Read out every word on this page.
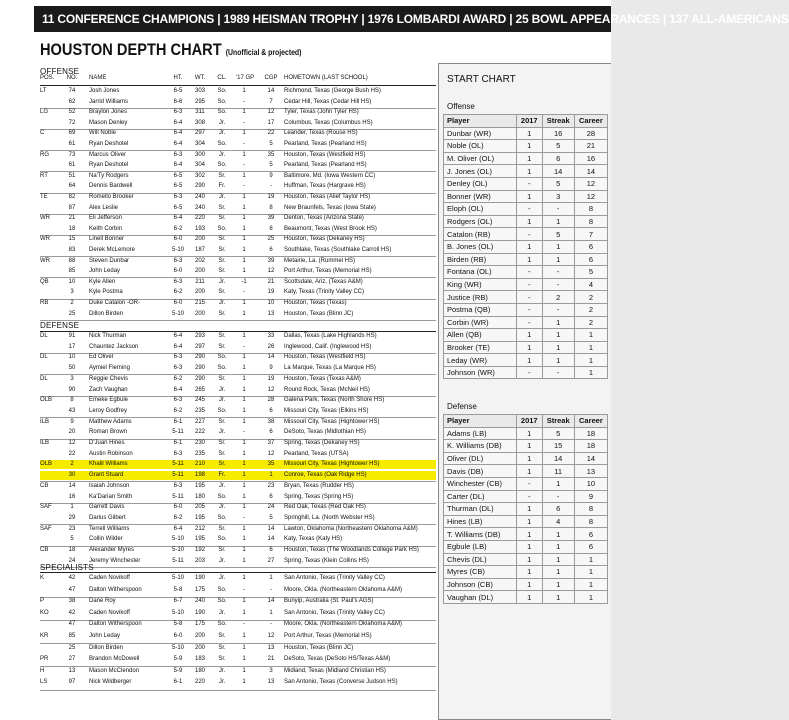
11 CONFERENCE CHAMPIONS | 1989 HEISMAN TROPHY | 1976 LOMBARDI AWARD | 25 BOWL APPEARANCES | 137 ALL-AMERICANS
HOUSTON DEPTH CHART (Unofficial & projected)
OFFENSE
POS.	NO.	NAME	HT.	WT.	CL.	'17 GP CGP HOMETOWN (LAST SCHOOL)
LT	74	Josh Jones	6-5	303	So.	1	14	Richmond, Texas (George Bush HS)
62	Jarrid Williams	6-6	295	So.	-	7	Cedar Hill, Texas (Cedar Hill HS)
LG	52	Braylon Jones	6-3	311	So.	1	12	Tyler, Texas (John Tyler HS)
72	Mason Denley	6-4	308	Jr.	-	17	Columbus, Texas (Columbus HS)
C	69	Will Noble	6-4	297	Jr.	1	22	Leander, Texas (Rouse HS)
61	Ryan Deshotel	6-4	304	So.	-	5	Pearland, Texas (Pearland HS)
RG	73	Marcus Oliver	6-3	300	Jr.	1	35	Houston, Texas (Westfield HS)
61	Ryan Deshotel	6-4	304	So.	-	5	Pearland, Texas (Pearland HS)
RT	51	Na'Ty Rodgers	6-5	302	Sr.	1	9	Baltimore, Md. (Iowa Western CC)
64	Dennis Bardwell	6-5	290	Fr.	-	-	Huffman, Texas (Hargrave HS)
TE	82	Romello Brooker	6-3	240	Jr.	1	19	Houston, Texas (Alief Taylor HS)
87	Alex Leslie	6-5	240	Sr.	1	8	New Braunfels, Texas (Iowa State)
WR	21	Eli Jefferson	6-4	220	Sr.	1	39	Denton, Texas (Arizona State)
18	Keith Corbin	6-2	193	So.	1	8	Beaumont, Texas (West Brook HS)
WR	15	Linell Bonner	6-0	200	Sr.	1	25	Houston, Texas (Dekaney HS)
83	Derek McLemore	5-10	187	Sr.	1	6	Southlake, Texas (Southlake Carroll HS)
WR	88	Steven Dunbar	6-3	202	Sr.	1	39	Metairie, La. (Rummel HS)
85	John Leday	6-0	200	Sr.	1	12	Port Arthur, Texas (Memorial HS)
QB	10	Kyle Allen	6-3	211	Jr.	-1	21	Scottsdale, Ariz. (Texas A&M)
3	Kyle Postma	6-2	200	Sr.	-	19	Katy, Texas (Trinity Valley CC)
RB	2	Duke Catalon -OR-	6-0	215	Jr.	1	10	Houston, Texas (Texas)
25	Dillon Birden	5-10	200	Sr.	1	13	Houston, Texas (Blinn JC)
DEFENSE
DL	91	Nick Thurman	6-4	293	Sr.	1	33	Dallas, Texas (Lake Highlands HS)
17	Chauntez Jackson	6-4	297	Sr.	-	26	Inglewood, Calif. (Inglewood HS)
DL	10	Ed Oliver	6-3	290	So.	1	14	Houston, Texas (Westfield HS)
50	Aymiel Fleming	6-3	290	So.	1	9	La Marque, Texas (La Marque HS)
DL	3	Reggie Chevis	6-2	290	Sr.	1	19	Houston, Texas (Texas A&M)
90	Zach Vaughan	6-4	265	Jr.	1	12	Round Rock, Texas (McNeil HS)
OLB	8	Emeke Egbule	6-3	245	Jr.	1	28	Galena Park, Texas (North Shore HS)
43	Leroy Godfrey	6-2	235	So.	1	6	Missouri City, Texas (Elkins HS)
ILB	9	Matthew Adams	6-1	227	Sr.	1	38	Missouri City, Texas (Hightower HS)
20	Roman Brown	5-11	222	Jr.	-	6	DeSoto, Texas (Midlothian HS)
ILB	12	D'Juan Hines	6-1	230	Sr.	1	37	Spring, Texas (Dekaney HS)
22	Austin Robinson	6-3	235	Sr.	1	12	Pearland, Texas (UTSA)
OLB	2	Khalil Williams	5-11	210	Sr.	1	35	Missouri City, Texas (Hightower HS)
30	Grant Stuard	5-11	198	Fr.	1	1	Conroe, Texas (Oak Ridge HS)
CB	14	Isaiah Johnson	6-3	195	Jr.	1	23	Bryan, Texas (Rudder HS)
16	Ka'Darian Smith	5-11	180	So.	1	6	Spring, Texas (Spring HS)
SAF	1	Garrett Davis	6-0	205	Jr.	1	24	Red Oak, Texas (Red Oak HS)
29	Darius Gilbert	6-2	195	So.	-	5	Springhill, La. (North Webster HS)
SAF	23	Terrell Williams	6-4	212	Sr.	1	14	Lawton, Oklahoma (Northeastern Oklahoma A&M)
5	Collin Wilder	5-10	195	So.	1	14	Katy, Texas (Katy HS)
CB	18	Alexander Myres	5-10	192	Sr.	1	6	Houston, Texas (The Woodlands College Park HS)
24	Jeremy Winchester	5-11	203	Jr.	1	27	Spring, Texas (Klein Collins HS)
SPECIALISTS
K	42	Caden Novikoff	5-10	190	Jr.	1	1	San Antonio, Texas (Trinity Valley CC)
47	Dalton Witherspoon	5-8	175	So.	-	-	Moore, Okla. (Northeastern Oklahoma A&M)
P	38	Dane Roy	6-7	240	So.	1	14	Bunyip, Australia (St. Paul's AGS)
KO	42	Caden Novikoff	5-10	190	Jr.	1	1	San Antonio, Texas (Trinity Valley CC)
47	Dalton Witherspoon	5-8	175	So.	-	-	Moore, Okla. (Northeastern Oklahoma A&M)
KR	85	John Leday	6-0	200	Sr.	1	12	Port Arthur, Texas (Memorial HS)
25	Dillon Birden	5-10	200	Sr.	1	13	Houston, Texas (Blinn JC)
PR	27	Brandon McDowell	5-9	183	Sr.	1	21	DeSoto, Texas (DeSoto HS/Texas A&M)
H	13	Mason McClendon	5-9	180	Jr.	1	3	Midland, Texas (Midland Christian HS)
LS	97	Nick Wildberger	6-1	220	Jr.	1	13	San Antonio, Texas (Converse Judson HS)
START CHART
Offense
Player	2017	Streak	Career
Dunbar (WR)	1	16	28
Noble (OL)	1	5	21
M. Oliver (OL)	1	6	16
J. Jones (OL)	1	14	14
Denley (OL)	-	5	12
Bonner (WR)	1	3	12
Eloph (OL)	-	-	8
Rodgers (OL)	1	1	8
Catalon (RB)	-	5	7
B. Jones (OL)	1	1	6
Birden (RB)	1	1	6
Fontana (OL)	-	-	5
King (WR)	-	-	4
Justice (RB)	-	2	2
Postma (QB)	-	-	2
Corbin (WR)	-	1	2
Allen (QB)	1	1	1
Brooker (TE)	1	1	1
Leday (WR)	1	1	1
Johnson (WR)	-	-	1
Defense
Player	2017	Streak	Career
Adams (LB)	1	5	18
K. Williams (DB)	1	15	18
Oliver (DL)	1	14	14
Davis (DB)	1	11	13
Winchester (CB)	-	1	10
Carter (DL)	-	-	9
Thurman (DL)	1	6	8
Hines (LB)	1	4	8
T. Williams (DB)	1	1	6
Egbule (LB)	1	1	6
Chevis (DL)	1	1	1
Myres (CB)	1	1	1
Johnson (CB)	1	1	1
Vaughan (DL)	1	1	1
